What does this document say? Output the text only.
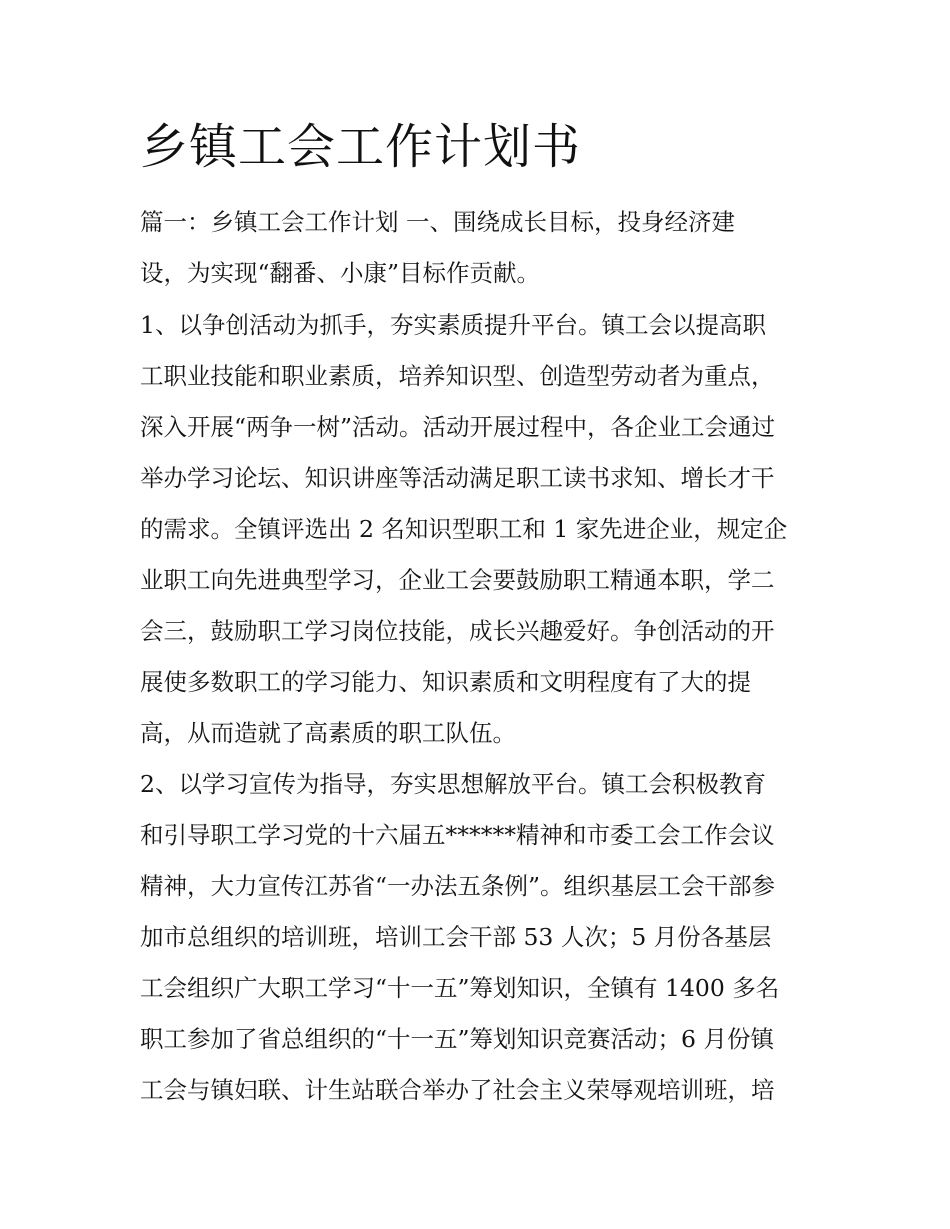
乡镇工会工作计划书

篇一：乡镇工会工作计划 一、围绕成长目标，投身经济建

设，为实现“翻番、小康”目标作贡献。

1、以争创活动为抓手，夯实素质提升平台。镇工会以提高职

工职业技能和职业素质，培养知识型、创造型劳动者为重点，

深入开展“两争一树”活动。活动开展过程中，各企业工会通过

举办学习论坛、知识讲座等活动满足职工读书求知、增长才干

的需求。全镇评选出 2 名知识型职工和 1 家先进企业，规定企

业职工向先进典型学习，企业工会要鼓励职工精通本职，学二

会三，鼓励职工学习岗位技能，成长兴趣爱好。争创活动的开

展使多数职工的学习能力、知识素质和文明程度有了大的提

高，从而造就了高素质的职工队伍。

2、以学习宣传为指导，夯实思想解放平台。镇工会积极教育

和引导职工学习党的十六届五******精神和市委工会工作会议

精神，大力宣传江苏省“一办法五条例”。组织基层工会干部参

加市总组织的培训班，培训工会干部 53 人次；5 月份各基层

工会组织广大职工学习“十一五”筹划知识，全镇有 1400 多名

职工参加了省总组织的“十一五”筹划知识竞赛活动；6 月份镇

工会与镇妇联、计生站联合举办了社会主义荣辱观培训班，培
